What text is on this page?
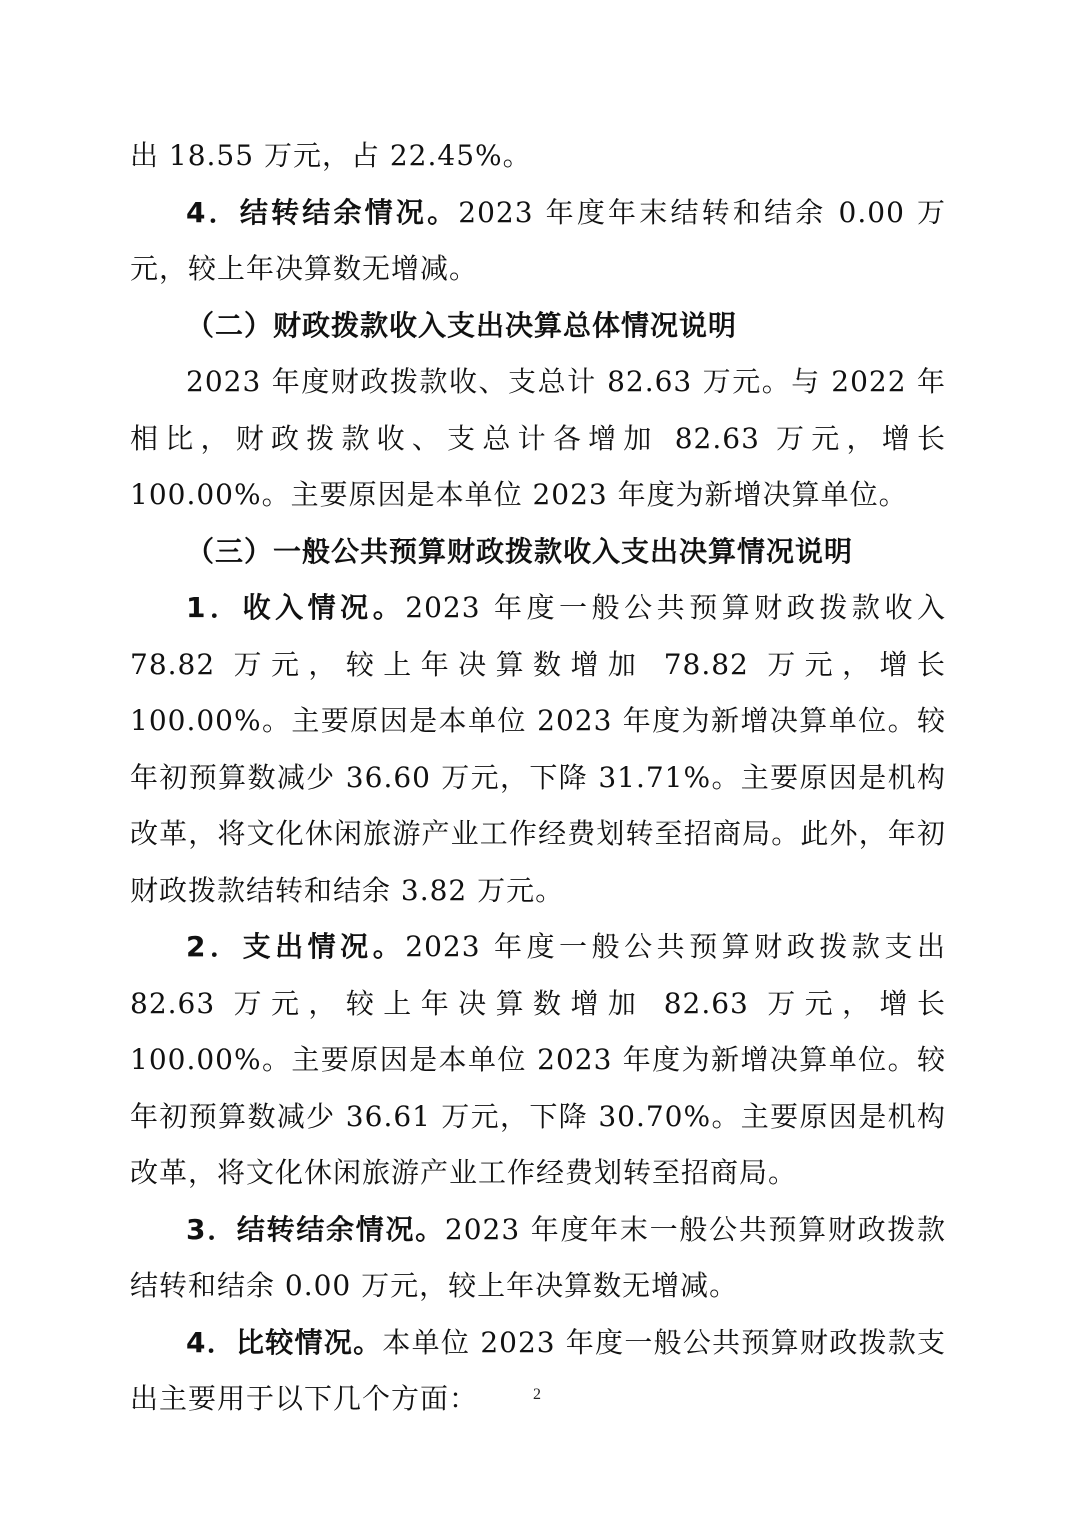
出 18.55 万元，占 22.45%。

4．结转结余情况。2023 年度年末结转和结余 0.00 万元，较上年决算数无增减。

（二）财政拨款收入支出决算总体情况说明

2023 年度财政拨款收、支总计 82.63 万元。与 2022 年相比，财政拨款收、支总计各增加 82.63 万元，增长 100.00%。主要原因是本单位 2023 年度为新增决算单位。

（三）一般公共预算财政拨款收入支出决算情况说明

1．收入情况。2023 年度一般公共预算财政拨款收入 78.82 万元，较上年决算数增加 78.82 万元，增长 100.00%。主要原因是本单位 2023 年度为新增决算单位。较年初预算数减少 36.60 万元，下降 31.71%。主要原因是机构改革，将文化休闲旅游产业工作经费划转至招商局。此外，年初财政拨款结转和结余 3.82 万元。

2．支出情况。2023 年度一般公共预算财政拨款支出 82.63 万元，较上年决算数增加 82.63 万元，增长 100.00%。主要原因是本单位 2023 年度为新增决算单位。较年初预算数减少 36.61 万元，下降 30.70%。主要原因是机构改革，将文化休闲旅游产业工作经费划转至招商局。

3．结转结余情况。2023 年度年末一般公共预算财政拨款结转和结余 0.00 万元，较上年决算数无增减。

4．比较情况。本单位 2023 年度一般公共预算财政拨款支出主要用于以下几个方面：	2
